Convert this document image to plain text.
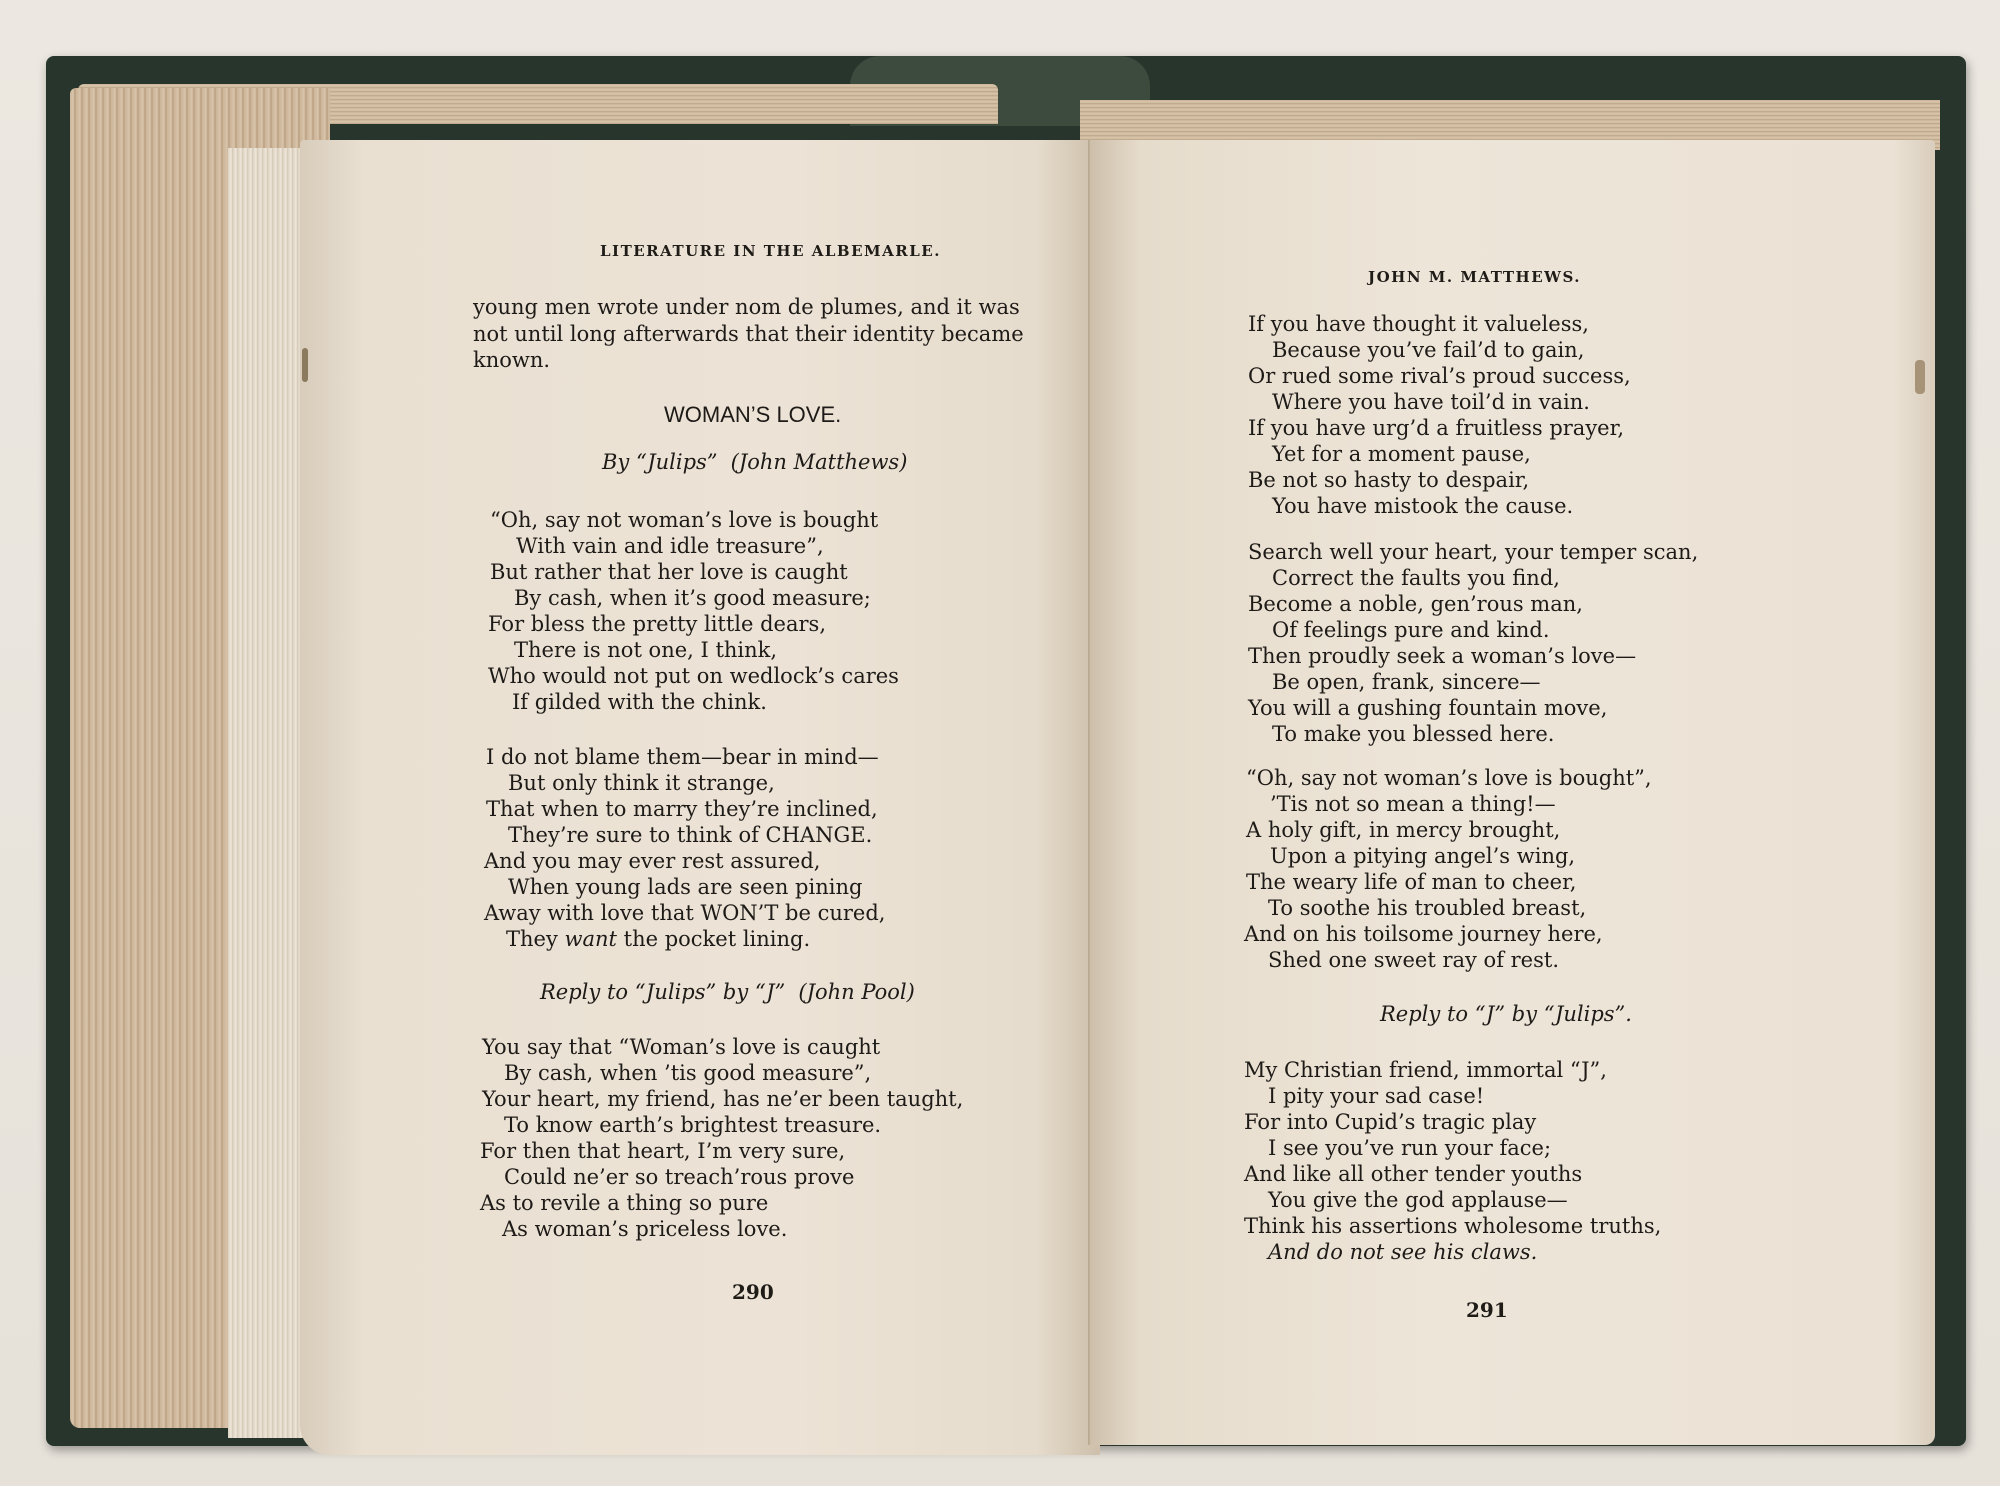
LITERATURE IN THE ALBEMARLE.
young men wrote under nom de plumes, and it was
not until long afterwards that their identity became
known.
WOMAN’S LOVE.
By “Julips” (John Matthews)
“Oh, say not woman’s love is bought
With vain and idle treasure”,
But rather that her love is caught
By cash, when it’s good measure;
For bless the pretty little dears,
There is not one, I think,
Who would not put on wedlock’s cares
If gilded with the chink.
I do not blame them—bear in mind—
But only think it strange,
That when to marry they’re inclined,
They’re sure to think of CHANGE.
And you may ever rest assured,
When young lads are seen pining
Away with love that WON’T be cured,
They want the pocket lining.
Reply to “Julips” by “J” (John Pool)
You say that “Woman’s love is caught
By cash, when ’tis good measure”,
Your heart, my friend, has ne’er been taught,
To know earth’s brightest treasure.
For then that heart, I’m very sure,
Could ne’er so treach’rous prove
As to revile a thing so pure
As woman’s priceless love.
290
JOHN M. MATTHEWS.
If you have thought it valueless,
Because you’ve fail’d to gain,
Or rued some rival’s proud success,
Where you have toil’d in vain.
If you have urg’d a fruitless prayer,
Yet for a moment pause,
Be not so hasty to despair,
You have mistook the cause.
Search well your heart, your temper scan,
Correct the faults you find,
Become a noble, gen’rous man,
Of feelings pure and kind.
Then proudly seek a woman’s love—
Be open, frank, sincere—
You will a gushing fountain move,
To make you blessed here.
“Oh, say not woman’s love is bought”,
’Tis not so mean a thing!—
A holy gift, in mercy brought,
Upon a pitying angel’s wing,
The weary life of man to cheer,
To soothe his troubled breast,
And on his toilsome journey here,
Shed one sweet ray of rest.
Reply to “J” by “Julips”.
My Christian friend, immortal “J”,
I pity your sad case!
For into Cupid’s tragic play
I see you’ve run your face;
And like all other tender youths
You give the god applause—
Think his assertions wholesome truths,
And do not see his claws.
291
